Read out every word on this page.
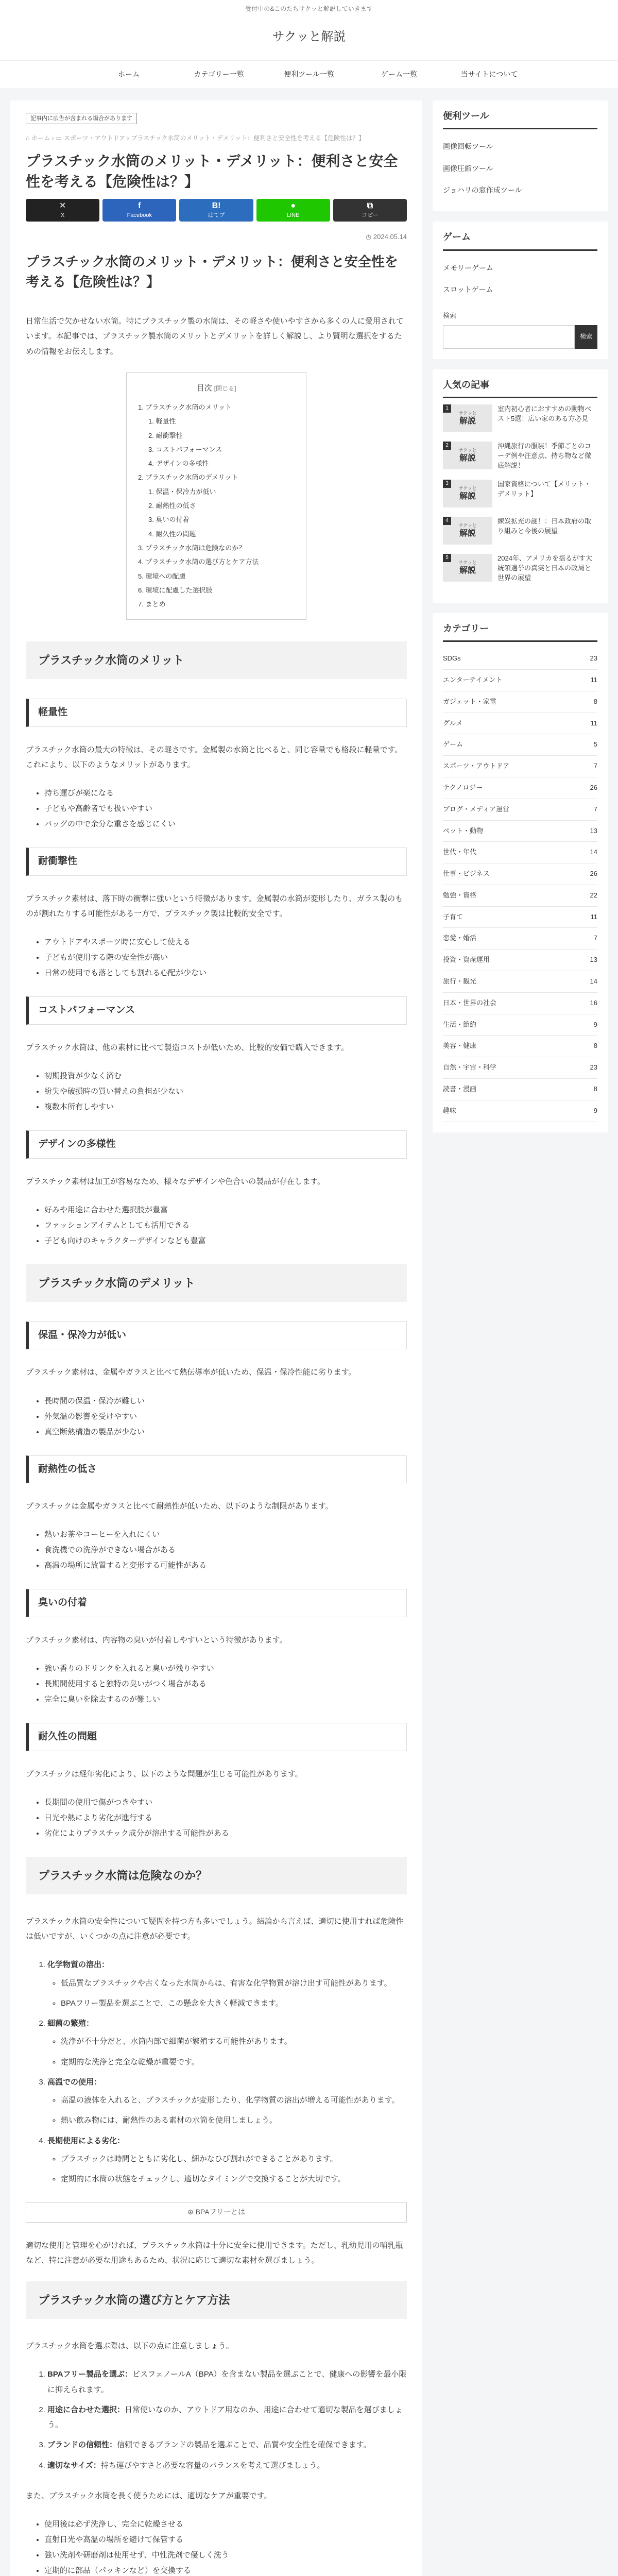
受付中の&このたちサクッと解説していきます
サクッと解説
ホーム	カテゴリー一覧	便利ツール一覧	ゲーム一覧	当サイトについて
記事内に広告が含まれる場合があります
⌂ ホーム › ▭ スポーツ・アウトドア › プラスチック水筒のメリット・デメリット：便利さと安全性を考える【危険性は？】
プラスチック水筒のメリット・デメリット：便利さと安全性を考える【危険性は？】
✕
X
f
Facebook
B!
はてブ
●
LINE
⧉
コピー
◷ 2024.05.14
プラスチック水筒のメリット・デメリット：便利さと安全性を考える【危険性は？】

日常生活で欠かせない水筒。特にプラスチック製の水筒は、その軽さや使いやすさから多くの人に愛用されています。本記事では、プラスチック製水筒のメリットとデメリットを詳しく解説し、より賢明な選択をするための情報をお伝えします。

目次 [閉じる]
1. プラスチック水筒のメリット
1. 軽量性
2. 耐衝撃性
3. コストパフォーマンス
4. デザインの多様性
2. プラスチック水筒のデメリット
1. 保温・保冷力が低い
2. 耐熱性の低さ
3. 臭いの付着
4. 耐久性の問題
3. プラスチック水筒は危険なのか？
4. プラスチック水筒の選び方とケア方法
5. 環境への配慮
6. 環境に配慮した選択肢
7. まとめ
プラスチック水筒のメリット
軽量性

プラスチック水筒の最大の特徴は、その軽さです。金属製の水筒と比べると、同じ容量でも格段に軽量です。これにより、以下のようなメリットがあります。

• 持ち運びが楽になる
• 子どもや高齢者でも扱いやすい
• バッグの中で余分な重さを感じにくい
耐衝撃性

プラスチック素材は、落下時の衝撃に強いという特徴があります。金属製の水筒が変形したり、ガラス製のものが割れたりする可能性がある一方で、プラスチック製は比較的安全です。

• アウトドアやスポーツ時に安心して使える
• 子どもが使用する際の安全性が高い
• 日常の使用でも落としても割れる心配が少ない
コストパフォーマンス

プラスチック水筒は、他の素材に比べて製造コストが低いため、比較的安価で購入できます。

• 初期投資が少なく済む
• 紛失や破損時の買い替えの負担が少ない
• 複数本所有しやすい
デザインの多様性

プラスチック素材は加工が容易なため、様々なデザインや色合いの製品が存在します。

• 好みや用途に合わせた選択肢が豊富
• ファッションアイテムとしても活用できる
• 子ども向けのキャラクターデザインなども豊富
プラスチック水筒のデメリット
保温・保冷力が低い

プラスチック素材は、金属やガラスと比べて熱伝導率が低いため、保温・保冷性能に劣ります。

• 長時間の保温・保冷が難しい
• 外気温の影響を受けやすい
• 真空断熱構造の製品が少ない
耐熱性の低さ

プラスチックは金属やガラスと比べて耐熱性が低いため、以下のような制限があります。

• 熱いお茶やコーヒーを入れにくい
• 食洗機での洗浄ができない場合がある
• 高温の場所に放置すると変形する可能性がある
臭いの付着

プラスチック素材は、内容物の臭いが付着しやすいという特徴があります。

• 強い香りのドリンクを入れると臭いが残りやすい
• 長期間使用すると独特の臭いがつく場合がある
• 完全に臭いを除去するのが難しい
耐久性の問題

プラスチックは経年劣化により、以下のような問題が生じる可能性があります。

• 長期間の使用で傷がつきやすい
• 日光や熱により劣化が進行する
• 劣化によりプラスチック成分が溶出する可能性がある
プラスチック水筒は危険なのか？

プラスチック水筒の安全性について疑問を持つ方も多いでしょう。結論から言えば、適切に使用すれば危険性は低いですが、いくつかの点に注意が必要です。

1. 化学物質の溶出：
◦ 低品質なプラスチックや古くなった水筒からは、有害な化学物質が溶け出す可能性があります。
◦ BPAフリー製品を選ぶことで、この懸念を大きく軽減できます。
2. 細菌の繁殖：
◦ 洗浄が不十分だと、水筒内部で細菌が繁殖する可能性があります。
◦ 定期的な洗浄と完全な乾燥が重要です。
3. 高温での使用：
◦ 高温の液体を入れると、プラスチックが変形したり、化学物質の溶出が増える可能性があります。
◦ 熱い飲み物には、耐熱性のある素材の水筒を使用しましょう。
4. 長期使用による劣化：
◦ プラスチックは時間とともに劣化し、細かなひび割れができることがあります。
◦ 定期的に水筒の状態をチェックし、適切なタイミングで交換することが大切です。
⊕ BPAフリーとは

適切な使用と管理を心がければ、プラスチック水筒は十分に安全に使用できます。ただし、乳幼児用の哺乳瓶など、特に注意が必要な用途もあるため、状況に応じて適切な素材を選びましょう。

プラスチック水筒の選び方とケア方法

プラスチック水筒を選ぶ際は、以下の点に注意しましょう。

1. BPAフリー製品を選ぶ：ビスフェノールA（BPA）を含まない製品を選ぶことで、健康への影響を最小限に抑えられます。
2. 用途に合わせた選択：日常使いなのか、アウトドア用なのか、用途に合わせて適切な製品を選びましょう。
3. ブランドの信頼性：信頼できるブランドの製品を選ぶことで、品質や安全性を確保できます。
4. 適切なサイズ：持ち運びやすさと必要な容量のバランスを考えて選びましょう。

また、プラスチック水筒を長く使うためには、適切なケアが重要です。

• 使用後は必ず洗浄し、完全に乾燥させる
• 直射日光や高温の場所を避けて保管する
• 強い洗剤や研磨剤は使用せず、中性洗剤で優しく洗う
• 定期的に部品（パッキンなど）を交換する

便利ツール
画像回転ツール
画像圧縮ツール
ジョハリの窓作成ツール
ゲーム
メモリーゲーム
スロットゲーム
検索
検索
人気の記事
1
サクッと
解説
室内初心者におすすめの動物ベスト5選！広い家のある方必見
2
サクッと
解説
沖縄旅行の服装！季節ごとのコーデ例や注意点、持ち物など徹底解説！
3
サクッと
解説
国家資格について【メリット・デメリット】
4
サクッと
解説
練炭拡充の謎！：日本政府の取り組みと今後の展望
5
サクッと
解説
2024年、アメリカを揺るがす大統領選挙の真実と日本の政局と世界の展望
カテゴリー
SDGs	23
エンターテイメント	11
ガジェット・家電	8
グルメ	11
ゲーム	5
スポーツ・アウトドア	7
テクノロジー	26
ブログ・メディア運営	7
ペット・動物	13
世代・年代	14
仕事・ビジネス	26
勉強・資格	22
子育て	11
恋愛・婚活	7
投資・資産運用	13
旅行・観光	14
日本・世界の社会	16
生活・節約	9
美容・健康	8
自然・宇宙・科学	23
読書・漫画	8
趣味	9
